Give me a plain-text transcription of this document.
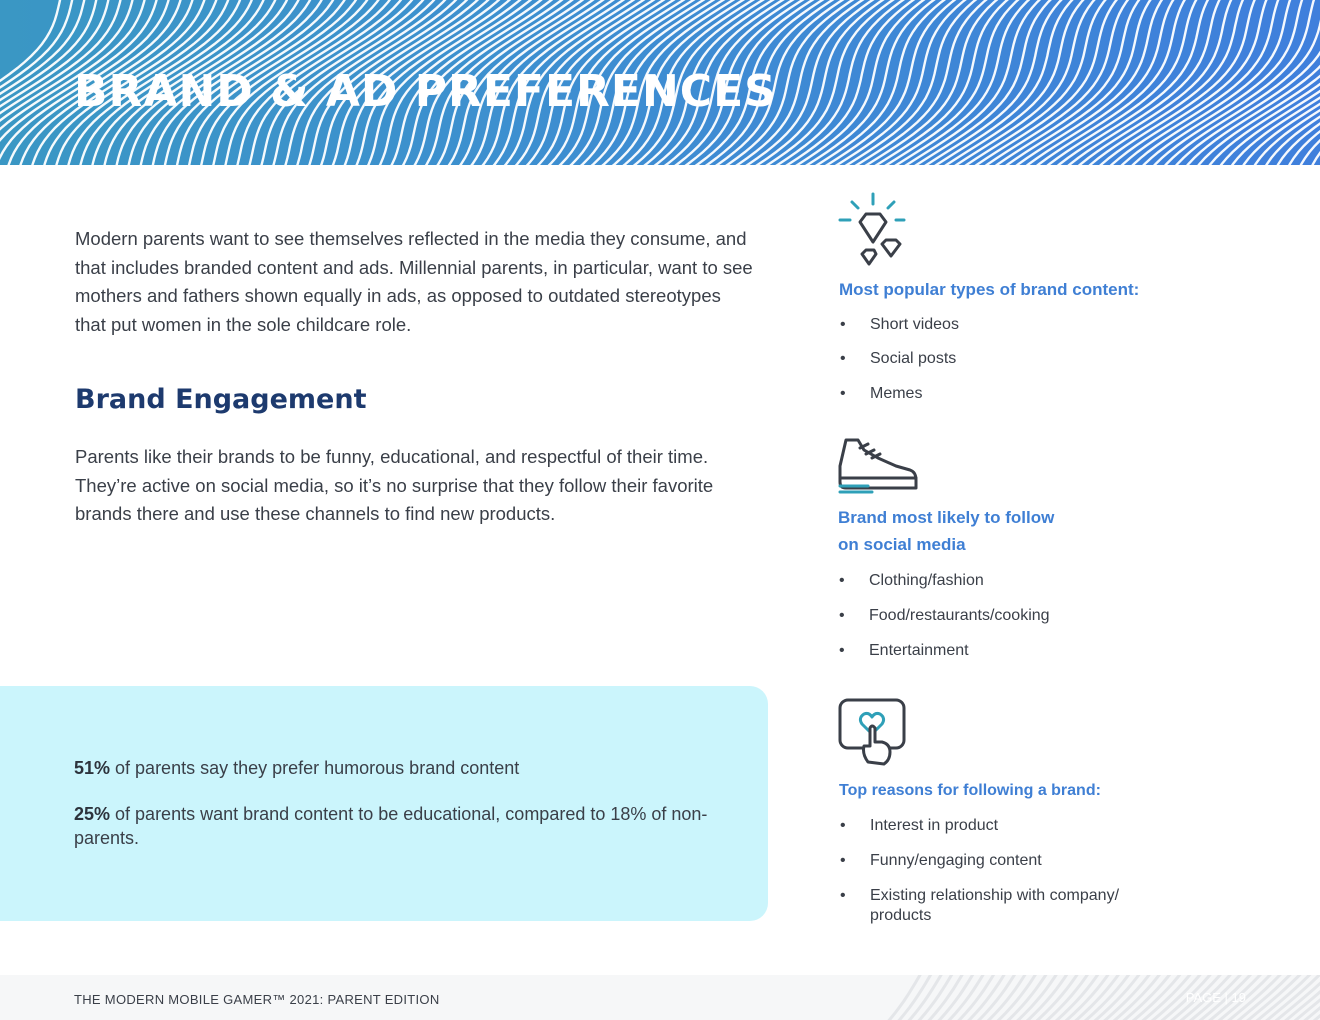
BRAND & AD PREFERENCES

Modern parents want to see themselves reflected in the media they consume, and that includes branded content and ads. Millennial parents, in particular, want to see mothers and fathers shown equally in ads, as opposed to outdated stereotypes that put women in the sole childcare role.

Brand Engagement

Parents like their brands to be funny, educational, and respectful of their time. They’re active on social media, so it’s no surprise that they follow their favorite brands there and use these channels to find new products.

51% of parents say they prefer humorous brand content

25% of parents want brand content to be educational, compared to 18% of non-parents.

Most popular types of brand content:
• Short videos
• Social posts
• Memes
Brand most likely to follow
on social media
• Clothing/fashion
• Food/restaurants/cooking
• Entertainment
Top reasons for following a brand:
• Interest in product
• Funny/engaging content
• Existing relationship with company/ products
THE MODERN MOBILE GAMER™ 2021: PARENT EDITION	PAGE | 19
